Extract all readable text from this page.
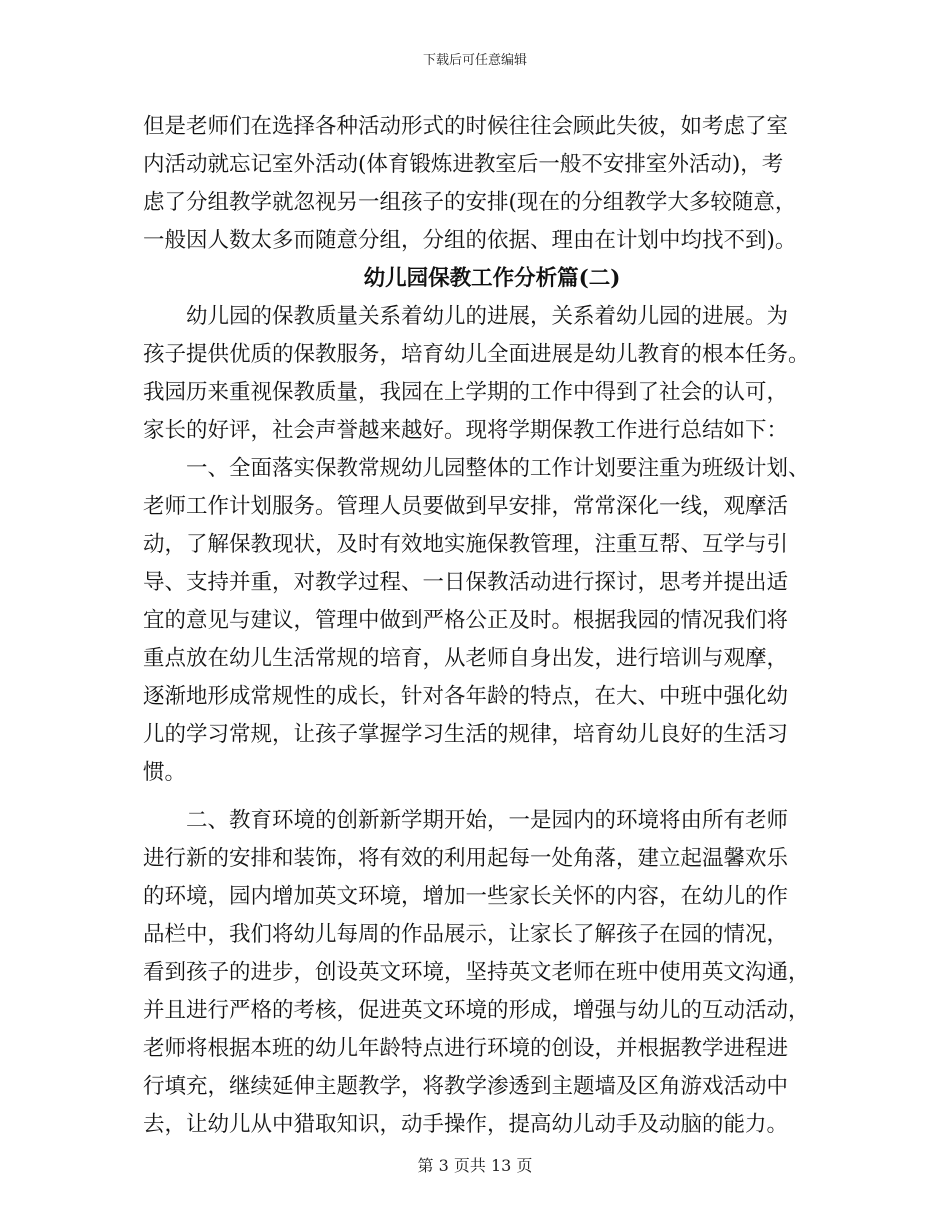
下载后可任意编辑
但是老师们在选择各种活动形式的时候往往会顾此失彼，如考虑了室
内活动就忘记室外活动(体育锻炼进教室后一般不安排室外活动)，考
虑了分组教学就忽视另一组孩子的安排(现在的分组教学大多较随意，
一般因人数太多而随意分组，分组的依据、理由在计划中均找不到)。
幼儿园保教工作分析篇(二)
幼儿园的保教质量关系着幼儿的进展，关系着幼儿园的进展。为
孩子提供优质的保教服务，培育幼儿全面进展是幼儿教育的根本任务。
我园历来重视保教质量，我园在上学期的工作中得到了社会的认可，
家长的好评，社会声誉越来越好。现将学期保教工作进行总结如下：
一、全面落实保教常规幼儿园整体的工作计划要注重为班级计划、
老师工作计划服务。管理人员要做到早安排，常常深化一线，观摩活
动，了解保教现状，及时有效地实施保教管理，注重互帮、互学与引
导、支持并重，对教学过程、一日保教活动进行探讨，思考并提出适
宜的意见与建议，管理中做到严格公正及时。根据我园的情况我们将
重点放在幼儿生活常规的培育，从老师自身出发，进行培训与观摩，
逐渐地形成常规性的成长，针对各年龄的特点，在大、中班中强化幼
儿的学习常规，让孩子掌握学习生活的规律，培育幼儿良好的生活习
惯。
二、教育环境的创新新学期开始，一是园内的环境将由所有老师
进行新的安排和装饰，将有效的利用起每一处角落，建立起温馨欢乐
的环境，园内增加英文环境，增加一些家长关怀的内容，在幼儿的作
品栏中，我们将幼儿每周的作品展示，让家长了解孩子在园的情况，
看到孩子的进步，创设英文环境，坚持英文老师在班中使用英文沟通，
并且进行严格的考核，促进英文环境的形成，增强与幼儿的互动活动，
老师将根据本班的幼儿年龄特点进行环境的创设，并根据教学进程进
行填充，继续延伸主题教学，将教学渗透到主题墙及区角游戏活动中
去，让幼儿从中猎取知识，动手操作，提高幼儿动手及动脑的能力。
第 3 页共 13 页
